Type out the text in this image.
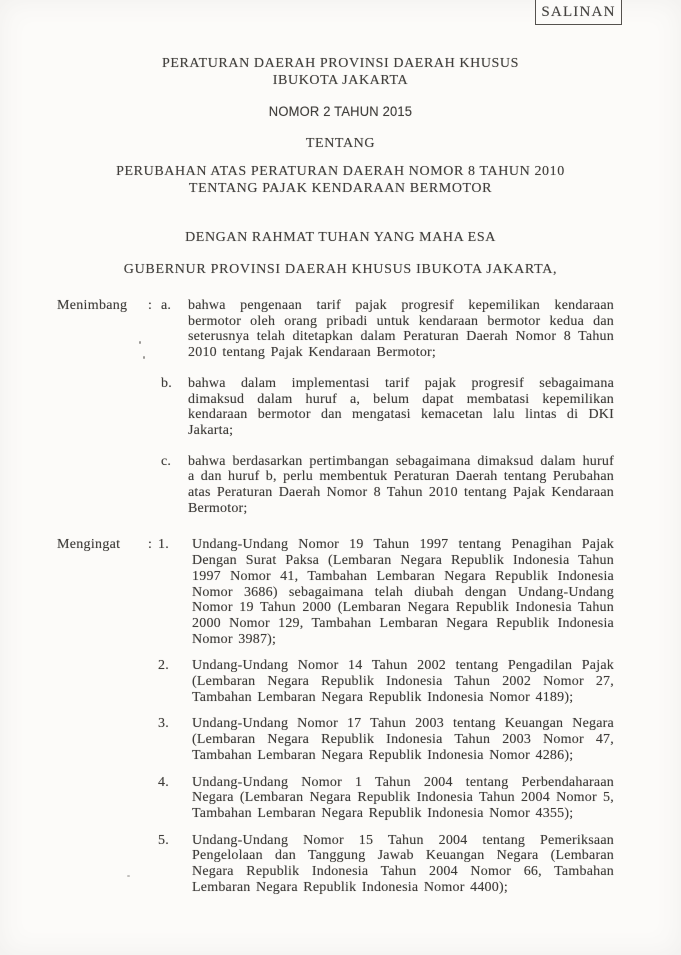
SALINAN
PERATURAN DAERAH PROVINSI DAERAH KHUSUS
IBUKOTA JAKARTA
NOMOR 2 TAHUN 2015
TENTANG
PERUBAHAN ATAS PERATURAN DAERAH NOMOR 8 TAHUN 2010
TENTANG PAJAK KENDARAAN BERMOTOR
DENGAN RAHMAT TUHAN YANG MAHA ESA
GUBERNUR PROVINSI DAERAH KHUSUS IBUKOTA JAKARTA,
Menimbang : a. bahwa pengenaan tarif pajak progresif kepemilikan kendaraan bermotor oleh orang pribadi untuk kendaraan bermotor kedua dan seterusnya telah ditetapkan dalam Peraturan Daerah Nomor 8 Tahun 2010 tentang Pajak Kendaraan Bermotor;
b. bahwa dalam implementasi tarif pajak progresif sebagaimana dimaksud dalam huruf a, belum dapat membatasi kepemilikan kendaraan bermotor dan mengatasi kemacetan lalu lintas di DKI Jakarta;
c. bahwa berdasarkan pertimbangan sebagaimana dimaksud dalam huruf a dan huruf b, perlu membentuk Peraturan Daerah tentang Perubahan atas Peraturan Daerah Nomor 8 Tahun 2010 tentang Pajak Kendaraan Bermotor;
Mengingat : 1. Undang-Undang Nomor 19 Tahun 1997 tentang Penagihan Pajak Dengan Surat Paksa (Lembaran Negara Republik Indonesia Tahun 1997 Nomor 41, Tambahan Lembaran Negara Republik Indonesia Nomor 3686) sebagaimana telah diubah dengan Undang-Undang Nomor 19 Tahun 2000 (Lembaran Negara Republik Indonesia Tahun 2000 Nomor 129, Tambahan Lembaran Negara Republik Indonesia Nomor 3987);
2. Undang-Undang Nomor 14 Tahun 2002 tentang Pengadilan Pajak (Lembaran Negara Republik Indonesia Tahun 2002 Nomor 27, Tambahan Lembaran Negara Republik Indonesia Nomor 4189);
3. Undang-Undang Nomor 17 Tahun 2003 tentang Keuangan Negara (Lembaran Negara Republik Indonesia Tahun 2003 Nomor 47, Tambahan Lembaran Negara Republik Indonesia Nomor 4286);
4. Undang-Undang Nomor 1 Tahun 2004 tentang Perbendaharaan Negara (Lembaran Negara Republik Indonesia Tahun 2004 Nomor 5, Tambahan Lembaran Negara Republik Indonesia Nomor 4355);
5. Undang-Undang Nomor 15 Tahun 2004 tentang Pemeriksaan Pengelolaan dan Tanggung Jawab Keuangan Negara (Lembaran Negara Republik Indonesia Tahun 2004 Nomor 66, Tambahan Lembaran Negara Republik Indonesia Nomor 4400);
